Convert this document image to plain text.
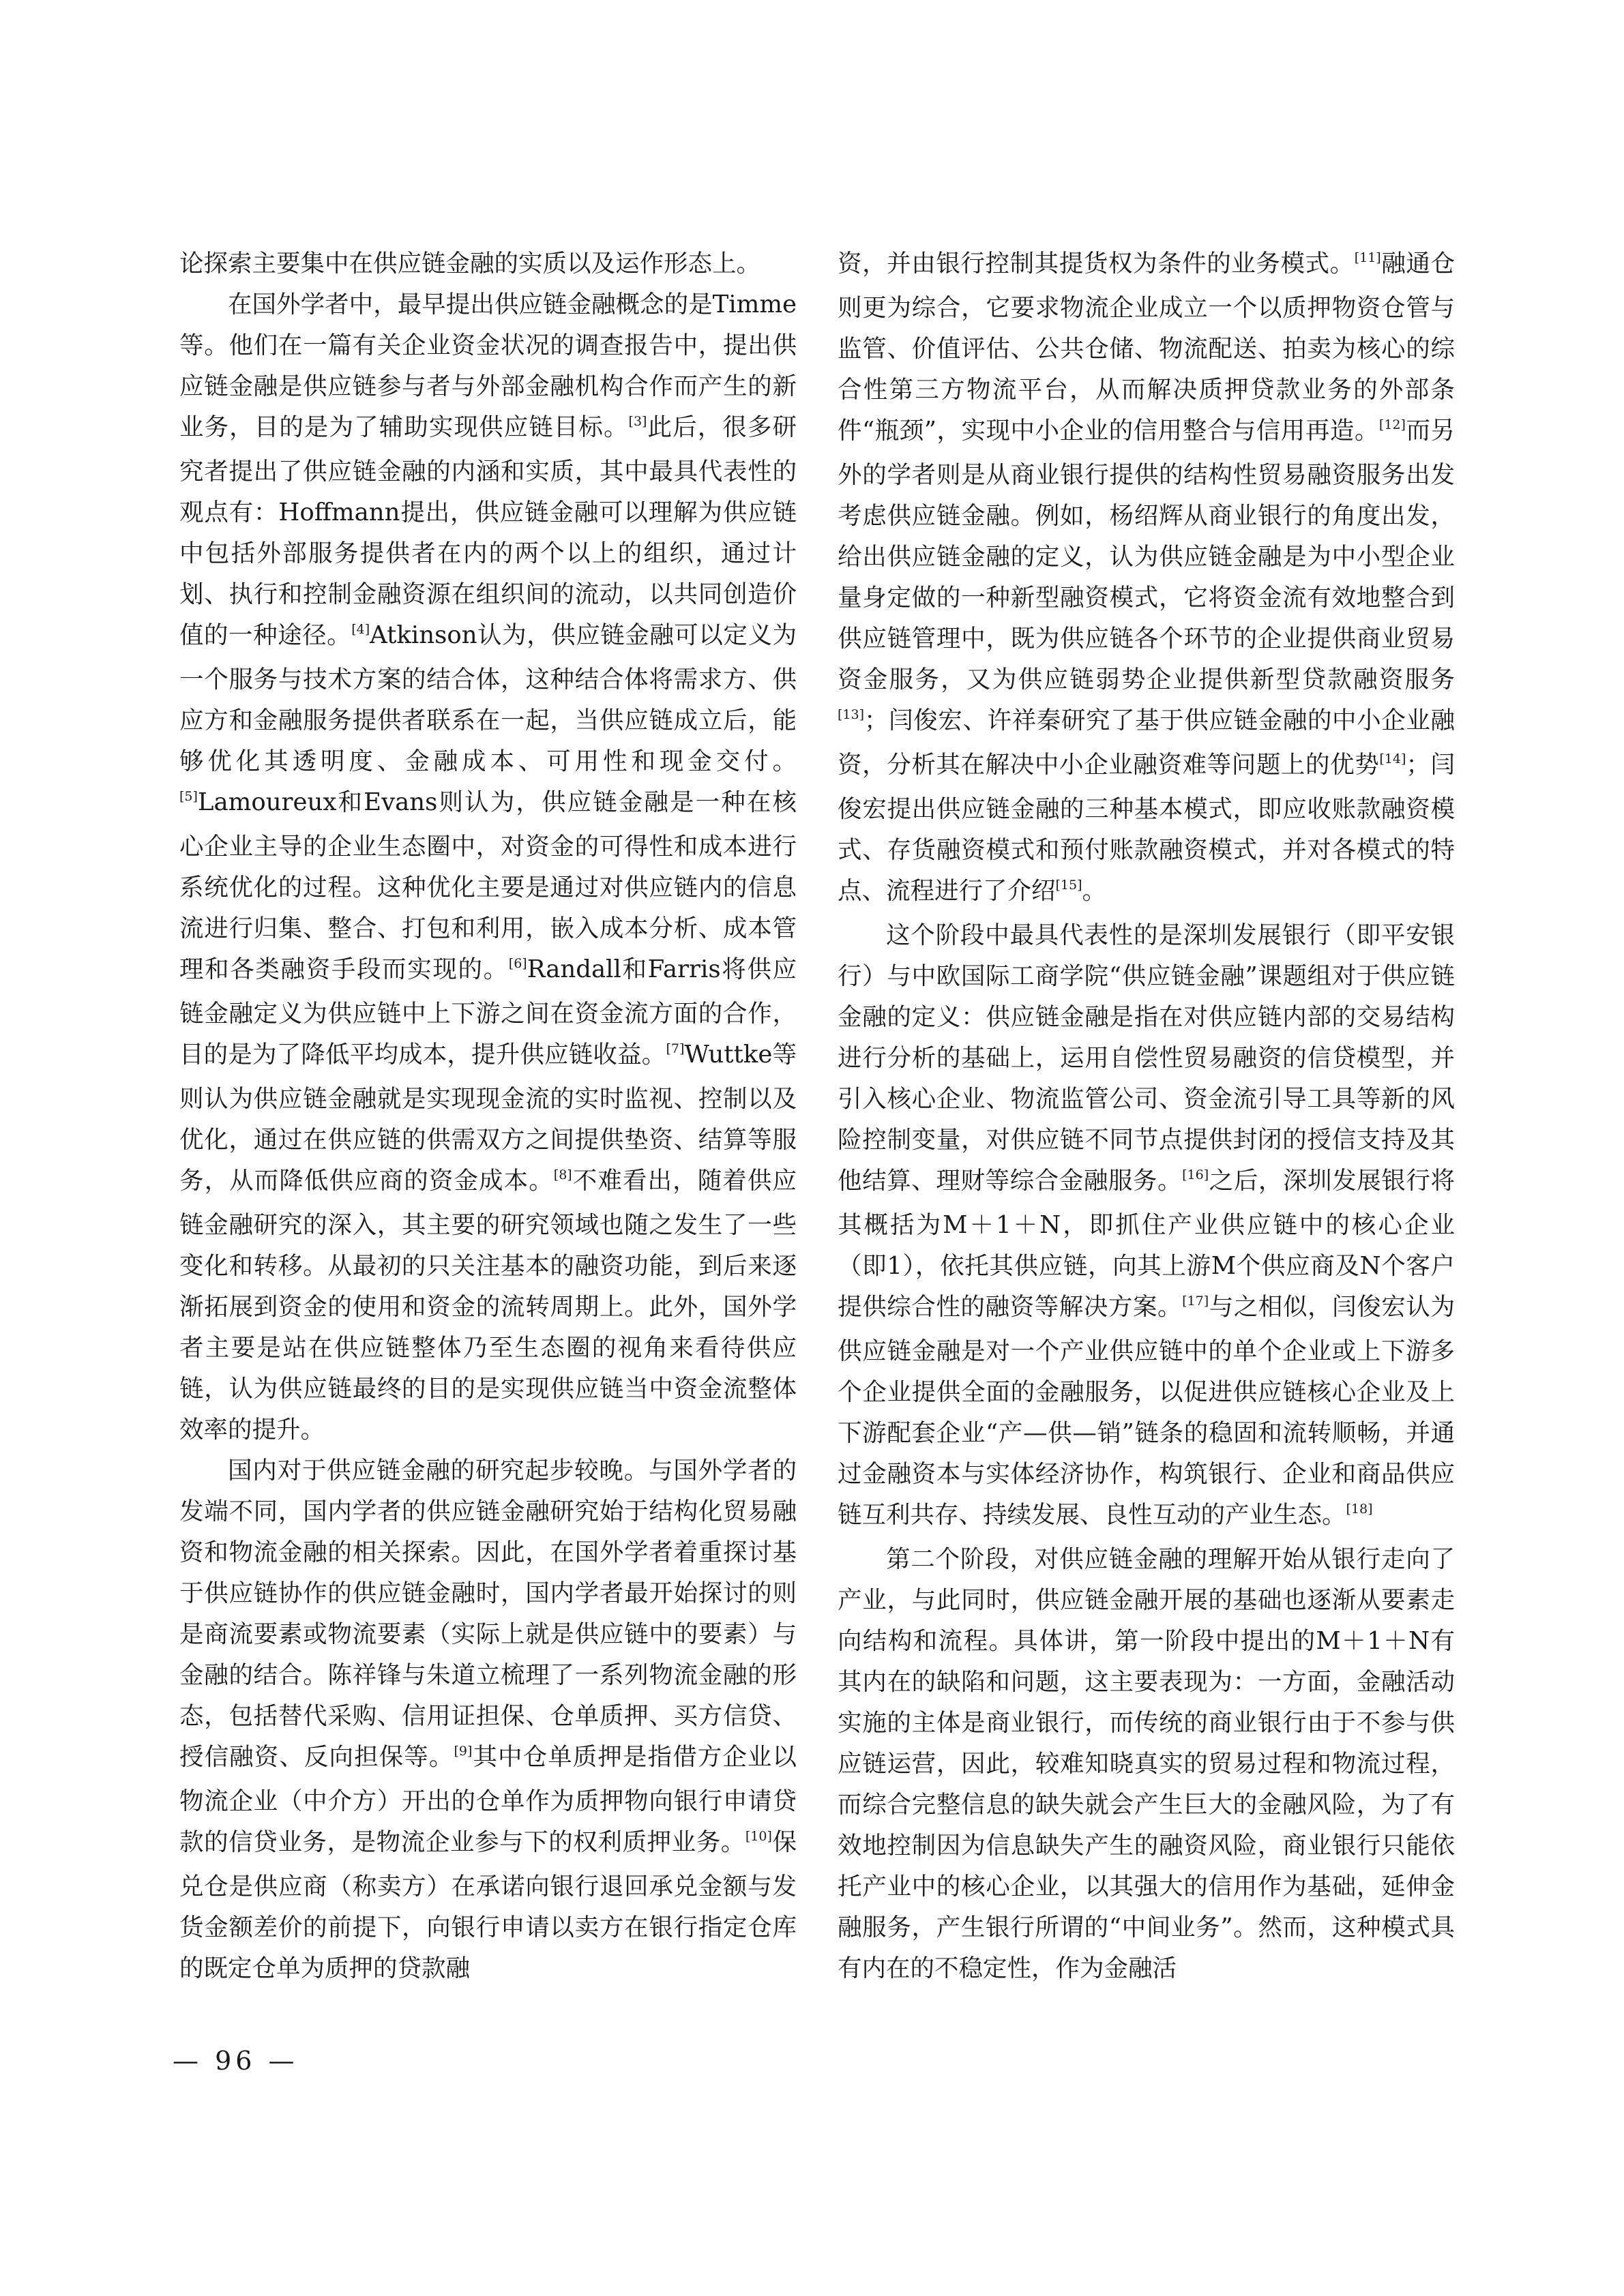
论探索主要集中在供应链金融的实质以及运作形态上。

在国外学者中，最早提出供应链金融概念的是Timme等。他们在一篇有关企业资金状况的调查报告中，提出供应链金融是供应链参与者与外部金融机构合作而产生的新业务，目的是为了辅助实现供应链目标。[3]此后，很多研究者提出了供应链金融的内涵和实质，其中最具代表性的观点有：Hoffmann提出，供应链金融可以理解为供应链中包括外部服务提供者在内的两个以上的组织，通过计划、执行和控制金融资源在组织间的流动，以共同创造价值的一种途径。[4]Atkinson认为，供应链金融可以定义为一个服务与技术方案的结合体，这种结合体将需求方、供应方和金融服务提供者联系在一起，当供应链成立后，能够优化其透明度、金融成本、可用性和现金交付。[5]Lamoureux和Evans则认为，供应链金融是一种在核心企业主导的企业生态圈中，对资金的可得性和成本进行系统优化的过程。这种优化主要是通过对供应链内的信息流进行归集、整合、打包和利用，嵌入成本分析、成本管理和各类融资手段而实现的。[6]Randall和Farris将供应链金融定义为供应链中上下游之间在资金流方面的合作，目的是为了降低平均成本，提升供应链收益。[7]Wuttke等则认为供应链金融就是实现现金流的实时监视、控制以及优化，通过在供应链的供需双方之间提供垫资、结算等服务，从而降低供应商的资金成本。[8]不难看出，随着供应链金融研究的深入，其主要的研究领域也随之发生了一些变化和转移。从最初的只关注基本的融资功能，到后来逐渐拓展到资金的使用和资金的流转周期上。此外，国外学者主要是站在供应链整体乃至生态圈的视角来看待供应链，认为供应链最终的目的是实现供应链当中资金流整体效率的提升。

国内对于供应链金融的研究起步较晚。与国外学者的发端不同，国内学者的供应链金融研究始于结构化贸易融资和物流金融的相关探索。因此，在国外学者着重探讨基于供应链协作的供应链金融时，国内学者最开始探讨的则是商流要素或物流要素（实际上就是供应链中的要素）与金融的结合。陈祥锋与朱道立梳理了一系列物流金融的形态，包括替代采购、信用证担保、仓单质押、买方信贷、授信融资、反向担保等。[9]其中仓单质押是指借方企业以物流企业（中介方）开出的仓单作为质押物向银行申请贷款的信贷业务，是物流企业参与下的权利质押业务。[10]保兑仓是供应商（称卖方）在承诺向银行退回承兑金额与发货金额差价的前提下，向银行申请以卖方在银行指定仓库的既定仓单为质押的贷款融

资，并由银行控制其提货权为条件的业务模式。[11]融通仓则更为综合，它要求物流企业成立一个以质押物资仓管与监管、价值评估、公共仓储、物流配送、拍卖为核心的综合性第三方物流平台，从而解决质押贷款业务的外部条件“瓶颈”，实现中小企业的信用整合与信用再造。[12]而另外的学者则是从商业银行提供的结构性贸易融资服务出发考虑供应链金融。例如，杨绍辉从商业银行的角度出发，给出供应链金融的定义，认为供应链金融是为中小型企业量身定做的一种新型融资模式，它将资金流有效地整合到供应链管理中，既为供应链各个环节的企业提供商业贸易资金服务，又为供应链弱势企业提供新型贷款融资服务[13]；闫俊宏、许祥秦研究了基于供应链金融的中小企业融资，分析其在解决中小企业融资难等问题上的优势[14]；闫俊宏提出供应链金融的三种基本模式，即应收账款融资模式、存货融资模式和预付账款融资模式，并对各模式的特点、流程进行了介绍[15]。

这个阶段中最具代表性的是深圳发展银行（即平安银行）与中欧国际工商学院“供应链金融”课题组对于供应链金融的定义：供应链金融是指在对供应链内部的交易结构进行分析的基础上，运用自偿性贸易融资的信贷模型，并引入核心企业、物流监管公司、资金流引导工具等新的风险控制变量，对供应链不同节点提供封闭的授信支持及其他结算、理财等综合金融服务。[16]之后，深圳发展银行将其概括为M＋1＋N，即抓住产业供应链中的核心企业（即1），依托其供应链，向其上游M个供应商及N个客户提供综合性的融资等解决方案。[17]与之相似，闫俊宏认为供应链金融是对一个产业供应链中的单个企业或上下游多个企业提供全面的金融服务，以促进供应链核心企业及上下游配套企业“产—供—销”链条的稳固和流转顺畅，并通过金融资本与实体经济协作，构筑银行、企业和商品供应链互利共存、持续发展、良性互动的产业生态。[18]

第二个阶段，对供应链金融的理解开始从银行走向了产业，与此同时，供应链金融开展的基础也逐渐从要素走向结构和流程。具体讲，第一阶段中提出的M＋1＋N有其内在的缺陷和问题，这主要表现为：一方面，金融活动实施的主体是商业银行，而传统的商业银行由于不参与供应链运营，因此，较难知晓真实的贸易过程和物流过程，而综合完整信息的缺失就会产生巨大的金融风险，为了有效地控制因为信息缺失产生的融资风险，商业银行只能依托产业中的核心企业，以其强大的信用作为基础，延伸金融服务，产生银行所谓的“中间业务”。然而，这种模式具有内在的不稳定性，作为金融活

— 96 —
